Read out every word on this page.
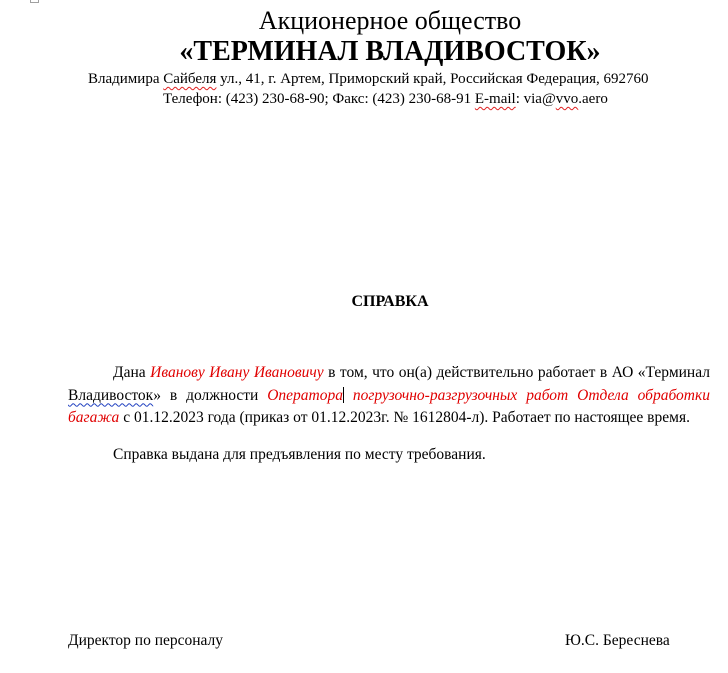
Акционерное общество

«ТЕРМИНАЛ ВЛАДИВОСТОК»

Владимира Сайбеля ул., 41, г. Артем, Приморский край, Российская Федерация, 692760
Телефон: (423) 230-68-90; Факс: (423) 230-68-91 E-mail: via@vvo.aero
СПРАВКА

Дана Иванову Ивану Ивановичу в том, что он(а) действительно работает в АО «Терминал Владивосток» в должности Оператора погрузочно-разгрузочных работ Отдела обработки багажа с 01.12.2023 года (приказ от 01.12.2023г. № 1612804-л). Работает по настоящее время.

Справка выдана для предъявления по месту требования.

Директор по персоналу	Ю.С. Береснева
